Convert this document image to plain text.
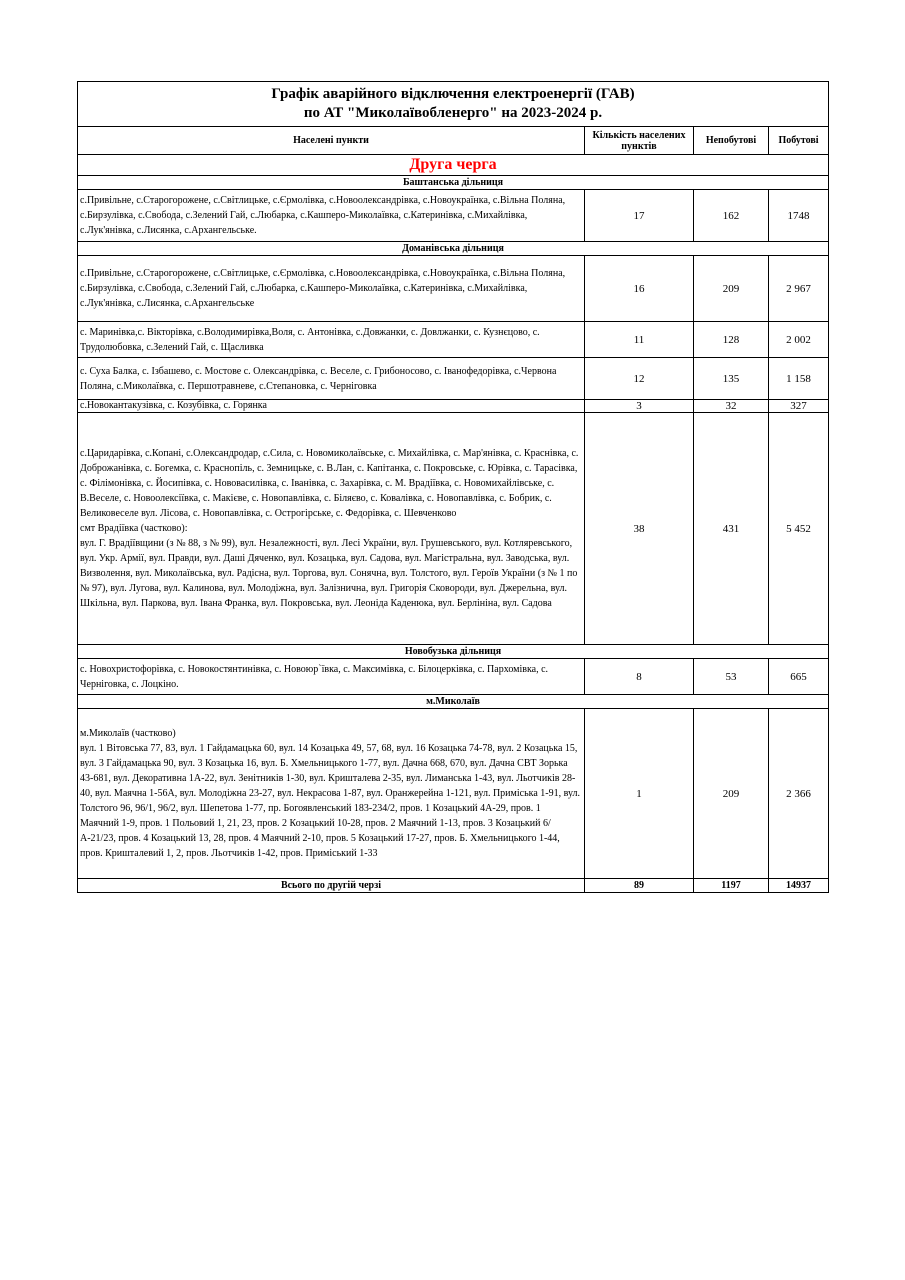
Графік аварійного відключення електроенергії (ГАВ)
по АТ "Миколаївобленерго" на 2023-2024 р.			

Населені пункти	Кількість населених пунктів	Непобутові	Побутові
Друга черга			
Баштанська дільниця			
с.Привільне, с.Старогорожене, с.Світлицьке, с.Єрмолівка, с.Новоолександрівка, с.Новоукраїнка, с.Вільна Поляна, с.Бирзулівка, с.Свобода, с.Зелений Гай, с.Любарка, с.Кашперо-Миколаївка, с.Катеринівка, с.Михайлівка, с.Лук'янівка, с.Лисянка, с.Архангельське.	17	162	1748
Доманівська дільниця			
с.Привільне, с.Старогорожене, с.Світлицьке, с.Єрмолівка, с.Новоолександрівка, с.Новоукраїнка, с.Вільна Поляна, с.Бирзулівка, с.Свобода, с.Зелений Гай, с.Любарка, с.Кашперо-Миколаївка, с.Катеринівка, с.Михайлівка, с.Лук'янівка, с.Лисянка, с.Архангельське	16	209	2 967
с. Маринівка,с. Вікторівка, с.Володимирівка,Воля, с. Антонівка, с.Довжанки, с. Довлжанки, с. Кузнєцово, с. Трудолюбовка, с.Зелений Гай, с. Щасливка	11	128	2 002
с. Суха Балка, с. Ізбашево, с. Мостове с. Олександрівка, с. Веселе, с. Грибоносово, с. Іванофедорівка, с.Червона Поляна, с.Миколаївка, с. Першотравневе, с.Степановка, с. Черніговка	12	135	1 158
с.Новокантакузівка, с. Козубівка, с. Горянка	3	32	327
с.Царидарівка, с.Копані, с.Олександродар, с.Сила, с. Новомиколаївське, с. Михайлівка, с. Мар'янівка, с. Краснівка, с. Доброжанівка, с. Богемка, с. Краснопіль, с. Земницьке, с. В.Лан, с. Капітанка, с. Покровське, с. Юрівка, с. Тарасівка, с. Філімонівка, с. Йосипівка, с. Нововасилівка, с. Іванівка, с. Захарівка, с. М. Врадіївка, с. Новомихайлівське, с. В.Веселе, с. Новоолексіївка, с. Макієве, с. Новопавлівка, с. Біляєво, с. Ковалівка, с. Новопавлівка, с. Бобрик, с. Великовеселе вул. Лісова, с. Новопавлівка, с. Острогірське, с. Федорівка, с. Шевченково
смт Врадіївка (частково):
вул. Г. Врадіївщини (з № 88, з № 99), вул. Незалежності, вул. Лесі України, вул. Грушевського, вул. Котляревського, вул. Укр. Армії, вул. Правди, вул. Даші Дяченко, вул. Козацька, вул. Садова, вул. Магістральна, вул. Заводська, вул. Визволення, вул. Миколаївська, вул. Радісна, вул. Торгова, вул. Сонячна, вул. Толстого, вул. Героїв України (з № 1 по № 97), вул. Лугова, вул. Калинова, вул. Молодіжна, вул. Залізнична, вул. Григорія Сковороди, вул. Джерельна, вул. Шкільна, вул. Паркова, вул. Івана Франка, вул. Покровська, вул. Леоніда Каденюка, вул. Берлініна, вул. Садова	38	431	5 452
Новобузька дільниця			
с. Новохристофорівка, с. Новокостянтинівка, с. Новоюр`ївка, с. Максимівка, с. Білоцерківка, с. Пархомівка, с. Черніговка, с. Лоцкіно.	8	53	665
м.Миколаїв			
м.Миколаїв (частково)
вул. 1 Вітовська 77, 83, вул. 1 Гайдамацька 60, вул. 14 Козацька 49, 57, 68, вул. 16 Козацька 74-78, вул. 2 Козацька 15, вул. 3 Гайдамацька 90, вул. 3 Козацька 16, вул. Б. Хмельницького 1-77, вул. Дачна 668, 670, вул. Дачна СВТ Зорька 43-681, вул. Декоративна 1А-22, вул. Зенітників 1-30, вул. Кришталева 2-35, вул. Лиманська 1-43, вул. Льотчиків 28-40, вул. Маячна 1-56А, вул. Молодіжна 23-27, вул. Некрасова 1-87, вул. Оранжерейна 1-121, вул. Приміська 1-91, вул. Толстого 96, 96/1, 96/2, вул. Шепетова 1-77, пр. Богоявленський 183-234/2, пров. 1 Козацький 4А-29, пров. 1 Маячний 1-9, пров. 1 Польовий 1, 21, 23, пров. 2 Козацький 10-28, пров. 2 Маячний 1-13, пров. 3 Козацький 6/А-21/23, пров. 4 Козацький 13, 28, пров. 4 Маячний 2-10, пров. 5 Козацький 17-27, пров. Б. Хмельницького 1-44, пров. Кришталевий 1, 2, пров. Льотчиків 1-42, пров. Приміський 1-33	1	209	2 366
Всього по другій черзі	89	1197	14937
